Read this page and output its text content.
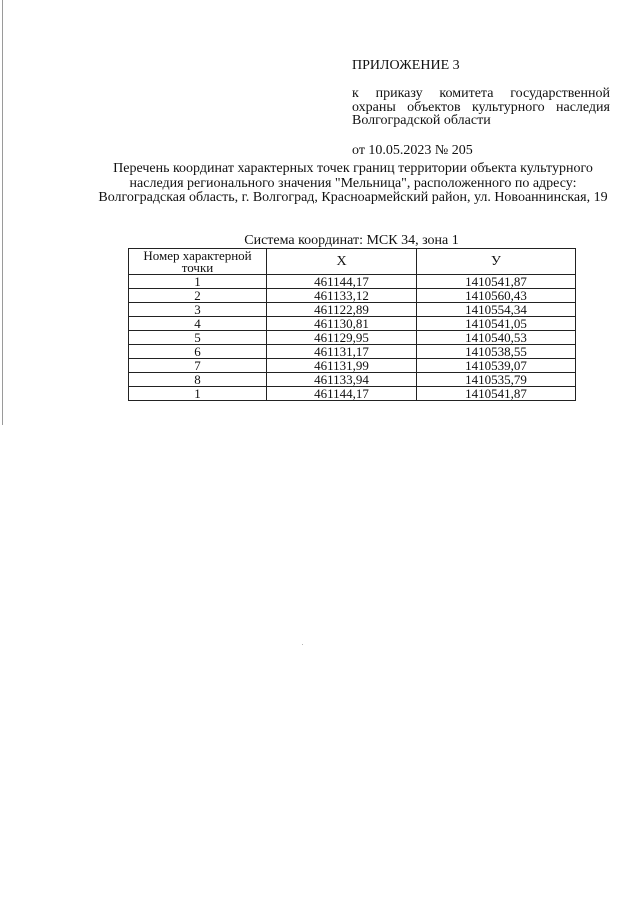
ПРИЛОЖЕНИЕ 3

к приказу комитета государственной охраны объектов культурного наследия Волгоградской области

от 10.05.2023 № 205

Перечень координат характерных точек границ территории объекта культурного наследия регионального значения "Мельница", расположенного по адресу: Волгоградская область, г. Волгоград, Красноармейский район, ул. Новоаннинская, 19
Система координат: МСК 34, зона 1
Номер характерной точки	Х	У
1	461144,17	1410541,87
2	461133,12	1410560,43
3	461122,89	1410554,34
4	461130,81	1410541,05
5	461129,95	1410540,53
6	461131,17	1410538,55
7	461131,99	1410539,07
8	461133,94	1410535,79
1	461144,17	1410541,87
